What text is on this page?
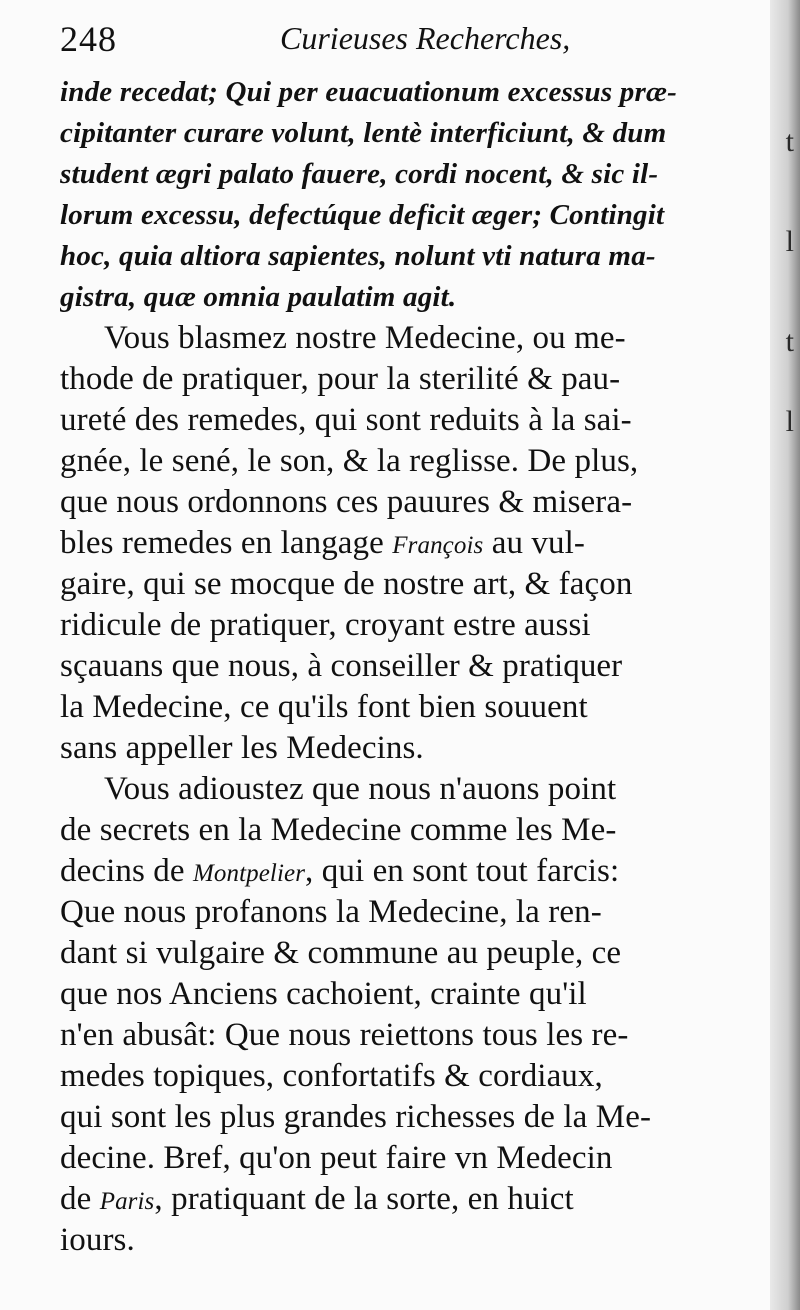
t
l
t
l
248	Curieuses Recherches,
inde recedat; Qui per euacuationum excessus præ-
cipitanter curare volunt, lentè interficiunt, & dum
student ægri palato fauere, cordi nocent, & sic il-
lorum excessu, defectúque deficit æger; Contingit
hoc, quia altiora sapientes, nolunt vti natura ma-
gistra, quæ omnia paulatim agit.
Vous blasmez nostre Medecine, ou me-
thode de pratiquer, pour la sterilité & pau-
ureté des remedes, qui sont reduits à la sai-
gnée, le sené, le son, & la reglisse. De plus,
que nous ordonnons ces pauures & misera-
bles remedes en langage François au vul-
gaire, qui se mocque de nostre art, & façon
ridicule de pratiquer, croyant estre aussi
sçauans que nous, à conseiller & pratiquer
la Medecine, ce qu'ils font bien souuent
sans appeller les Medecins.
Vous adioustez que nous n'auons point
de secrets en la Medecine comme les Me-
decins de Montpelier, qui en sont tout farcis:
Que nous profanons la Medecine, la ren-
dant si vulgaire & commune au peuple, ce
que nos Anciens cachoient, crainte qu'il
n'en abusât: Que nous reiettons tous les re-
medes topiques, confortatifs & cordiaux,
qui sont les plus grandes richesses de la Me-
decine. Bref, qu'on peut faire vn Medecin
de Paris, pratiquant de la sorte, en huict
iours.
